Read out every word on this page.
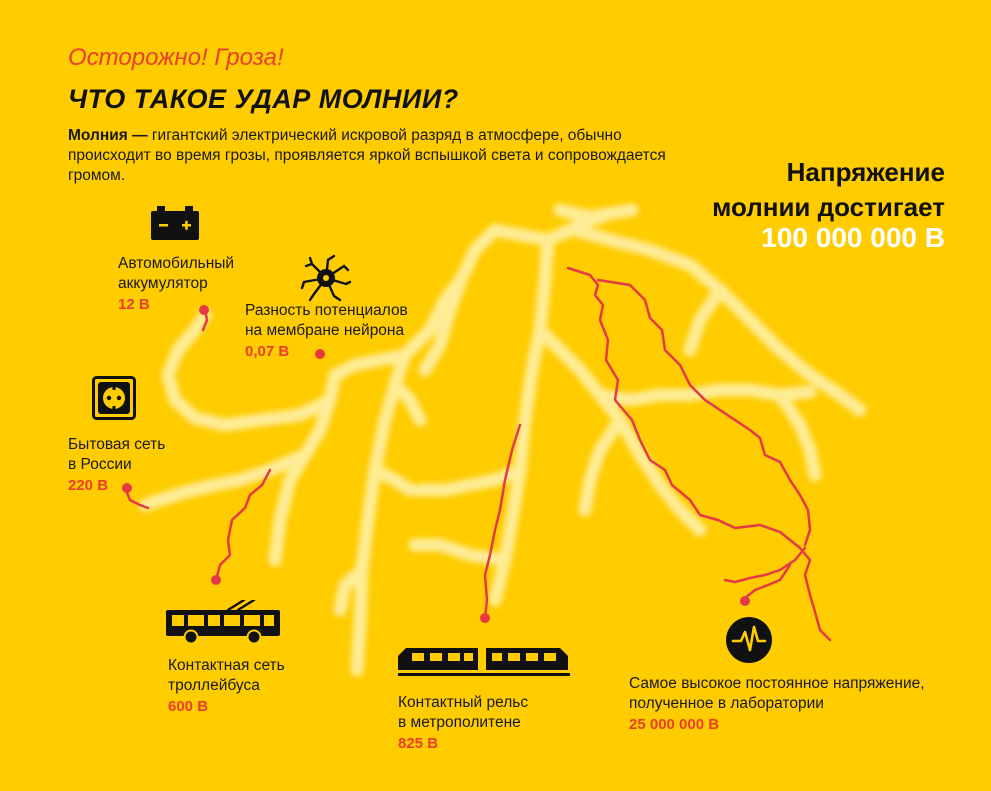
Осторожно! Гроза!
ЧТО ТАКОЕ УДАР МОЛНИИ?
Молния — гигантский электрический искровой разряд в атмосфере, обычно происходит во время грозы, проявляется яркой вспышкой света и сопровождается громом.	Напряжение
молнии достигает
100 000 000 В
Автомобильный
аккумулятор
12 В	Разность потенциалов
на мембране нейрона
0,07 В
Бытовая сеть
в России
220 В
Контактная сеть
троллейбуса
600 В	Контактный рельс
в метрополитене
825 В
Самое высокое постоянное напряжение,
полученное в лаборатории
25 000 000 В
